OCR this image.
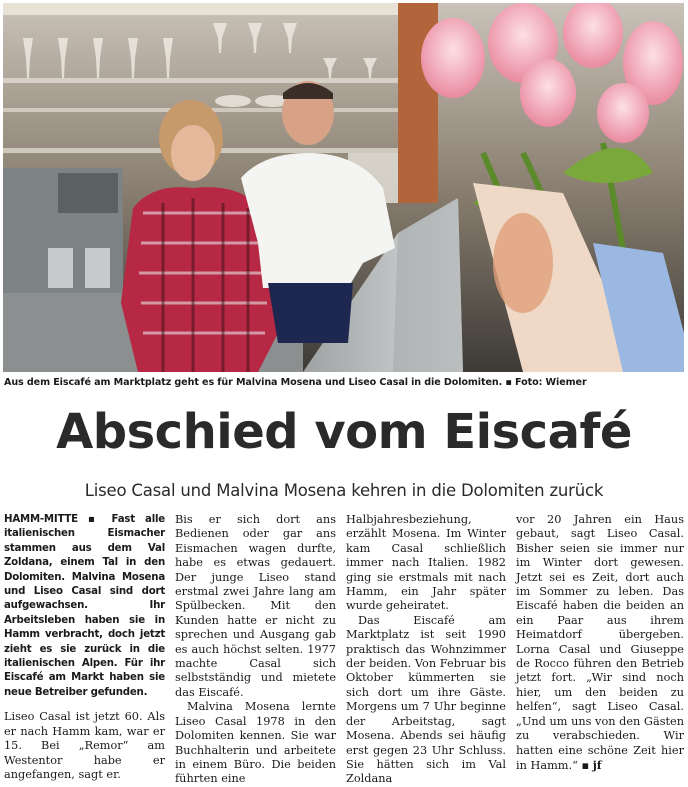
Aus dem Eiscafé am Marktplatz geht es für Malvina Mosena und Liseo Casal in die Dolomiten. ▪ Foto: Wiemer
Abschied vom Eiscafé
Liseo Casal und Malvina Mosena kehren in die Dolomiten zurück
HAMM-MITTE ▪ Fast alle italienischen Eismacher stammen aus dem Val Zoldana, einem Tal in den Dolomiten. Malvina Mosena und Liseo Casal sind dort aufgewachsen. Ihr Arbeitsleben haben sie in Hamm verbracht, doch jetzt zieht es sie zurück in die italienischen Alpen. Für ihr Eiscafé am Markt haben sie neue Betreiber gefunden.

Liseo Casal ist jetzt 60. Als er nach Hamm kam, war er 15. Bei „Remor“ am Westentor habe er angefangen, sagt er.

Bis er sich dort ans Bedienen oder gar ans Eismachen wagen durfte, habe es etwas gedauert. Der junge Liseo stand erstmal zwei Jahre lang am Spülbecken. Mit den Kunden hatte er nicht zu sprechen und Ausgang gab es auch höchst selten. 1977 machte Casal sich selbstständig und mietete das Eiscafé.

Malvina Mosena lernte Liseo Casal 1978 in den Dolomiten kennen. Sie war Buchhalterin und arbeitete in einem Büro. Die beiden führten eine

Halbjahresbeziehung, erzählt Mosena. Im Winter kam Casal schließlich immer nach Italien. 1982 ging sie erstmals mit nach Hamm, ein Jahr später wurde geheiratet.

Das Eiscafé am Marktplatz ist seit 1990 praktisch das Wohnzimmer der beiden. Von Februar bis Oktober kümmerten sie sich dort um ihre Gäste. Morgens um 7 Uhr beginne der Arbeitstag, sagt Mosena. Abends sei häufig erst gegen 23 Uhr Schluss. Sie hätten sich im Val Zoldana

vor 20 Jahren ein Haus gebaut, sagt Liseo Casal. Bisher seien sie immer nur im Winter dort gewesen. Jetzt sei es Zeit, dort auch im Sommer zu leben. Das Eiscafé haben die beiden an ein Paar aus ihrem Heimatdorf übergeben. Lorna Casal und Giuseppe de Rocco führen den Betrieb jetzt fort. „Wir sind noch hier, um den beiden zu helfen“, sagt Liseo Casal. „Und um uns von den Gästen zu verabschieden. Wir hatten eine schöne Zeit hier in Hamm.“ ▪ jf
